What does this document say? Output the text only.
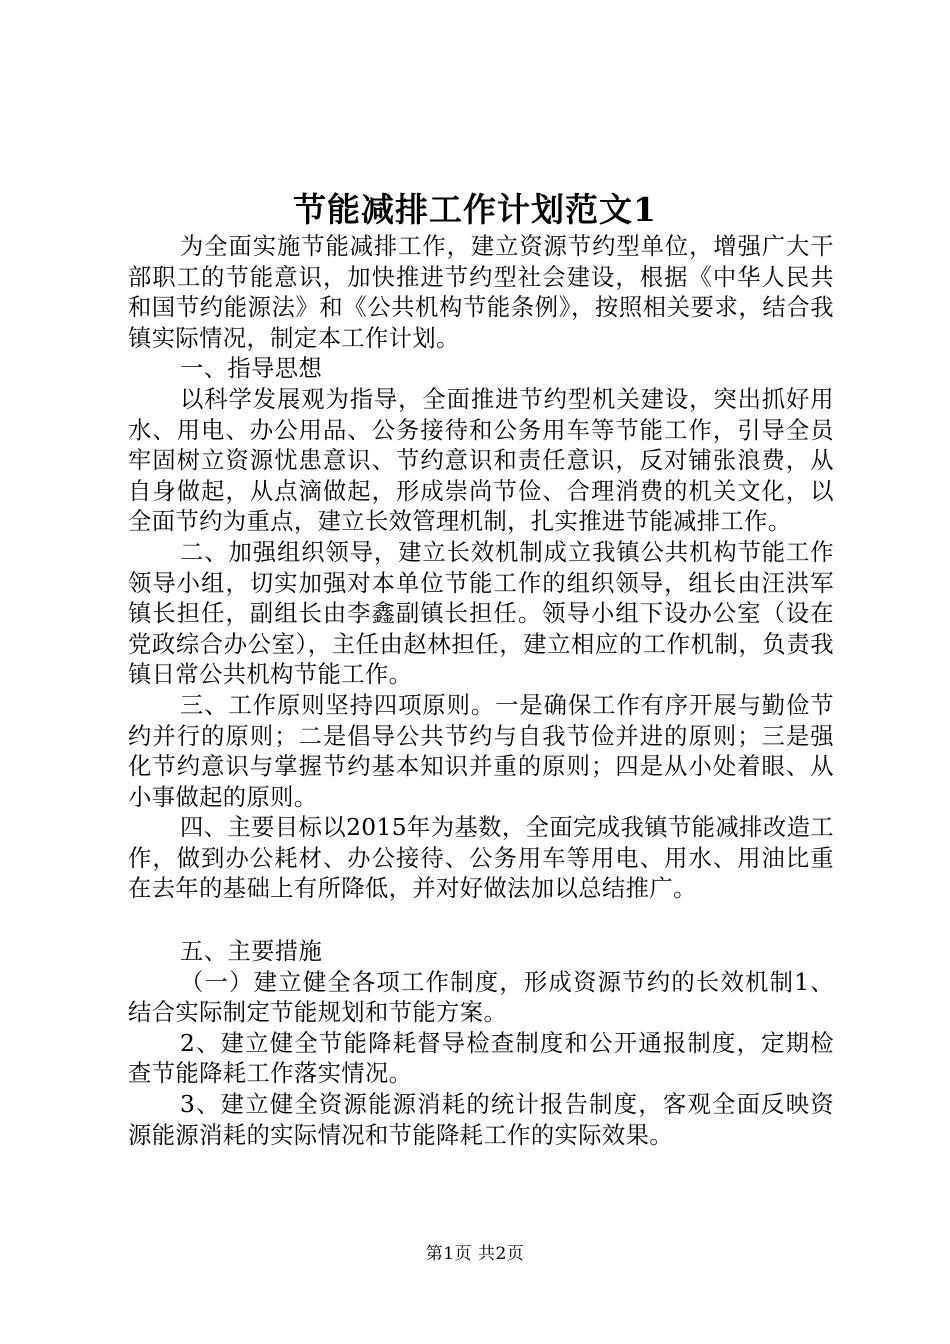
节能减排工作计划范文1

为全面实施节能减排工作，建立资源节约型单位，增强广大干部职工的节能意识，加快推进节约型社会建设，根据《中华人民共和国节约能源法》和《公共机构节能条例》，按照相关要求，结合我镇实际情况，制定本工作计划。

一、指导思想

以科学发展观为指导，全面推进节约型机关建设，突出抓好用水、用电、办公用品、公务接待和公务用车等节能工作，引导全员牢固树立资源忧患意识、节约意识和责任意识，反对铺张浪费，从自身做起，从点滴做起，形成崇尚节俭、合理消费的机关文化，以全面节约为重点，建立长效管理机制，扎实推进节能减排工作。

二、加强组织领导，建立长效机制成立我镇公共机构节能工作领导小组，切实加强对本单位节能工作的组织领导，组长由汪洪军镇长担任，副组长由李鑫副镇长担任。领导小组下设办公室（设在党政综合办公室），主任由赵林担任，建立相应的工作机制，负责我镇日常公共机构节能工作。

三、工作原则坚持四项原则。一是确保工作有序开展与勤俭节约并行的原则；二是倡导公共节约与自我节俭并进的原则；三是强化节约意识与掌握节约基本知识并重的原则；四是从小处着眼、从小事做起的原则。

四、主要目标以2015年为基数，全面完成我镇节能减排改造工作，做到办公耗材、办公接待、公务用车等用电、用水、用油比重在去年的基础上有所降低，并对好做法加以总结推广。

五、主要措施

（一）建立健全各项工作制度，形成资源节约的长效机制1、结合实际制定节能规划和节能方案。

2、建立健全节能降耗督导检查制度和公开通报制度，定期检查节能降耗工作落实情况。

3、建立健全资源能源消耗的统计报告制度，客观全面反映资源能源消耗的实际情况和节能降耗工作的实际效果。

第1页 共2页
